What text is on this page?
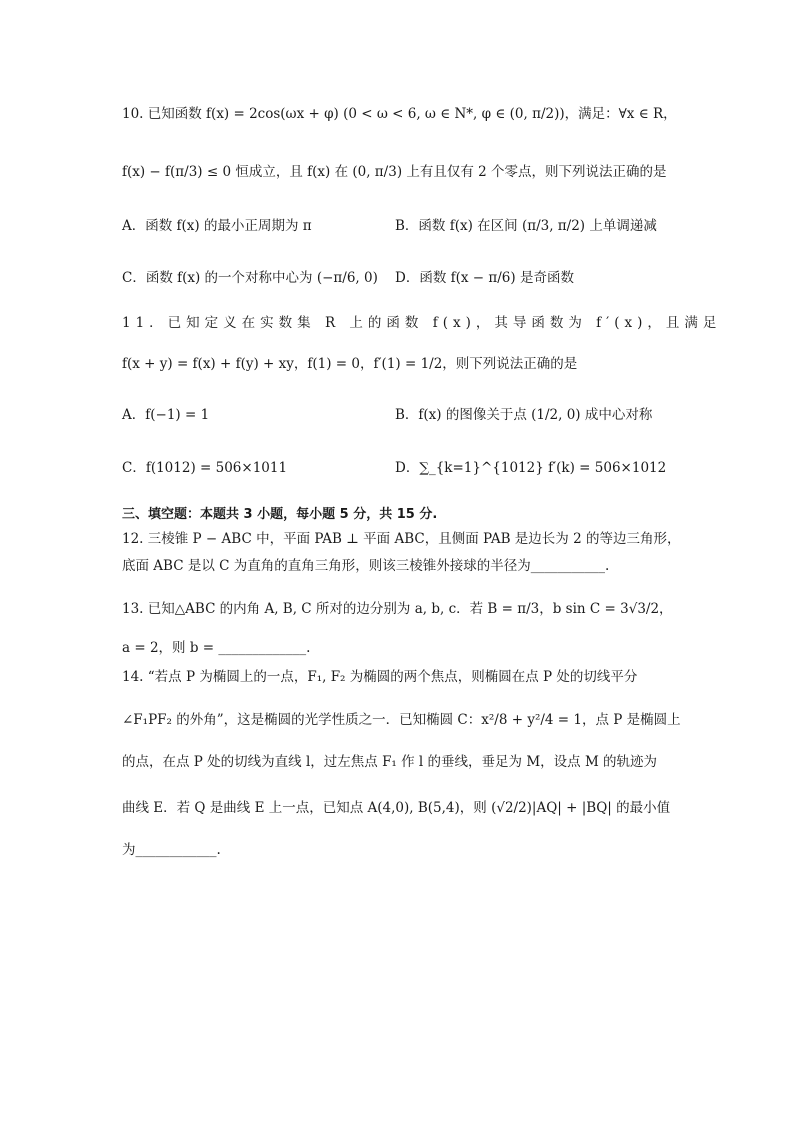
10. 已知函数 f(x) = 2cos(ωx + φ) (0 < ω < 6, ω ∈ N*, φ ∈ (0, π/2))，满足：∀x ∈ R，
f(x) − f(π/3) ≤ 0 恒成立，且 f(x) 在 (0, π/3) 上有且仅有 2 个零点，则下列说法正确的是
A．函数 f(x) 的最小正周期为 π	B．函数 f(x) 在区间 (π/3, π/2) 上单调递减
C．函数 f(x) 的一个对称中心为 (−π/6, 0) D．函数 f(x − π/6) 是奇函数
11．已知定义在实数集 R 上的函数 f(x)，其导函数为 f′(x)，且满足
f(x + y) = f(x) + f(y) + xy，f(1) = 0，f′(1) = 1/2，则下列说法正确的是
A．f(−1) = 1	B．f(x) 的图像关于点 (1/2, 0) 成中心对称
C．f(1012) = 506×1011	D．∑_{k=1}^{1012} f′(k) = 506×1012
三、填空题：本题共 3 小题，每小题 5 分，共 15 分.
12. 三棱锥 P − ABC 中，平面 PAB ⊥ 平面 ABC，且侧面 PAB 是边长为 2 的等边三角形，
底面 ABC 是以 C 为直角的直角三角形，则该三棱锥外接球的半径为___________.
13. 已知△ABC 的内角 A, B, C 所对的边分别为 a, b, c．若 B = π/3，b sin C = 3√3/2，
a = 2，则 b = _____________.
14. “若点 P 为椭圆上的一点，F₁, F₂ 为椭圆的两个焦点，则椭圆在点 P 处的切线平分
∠F₁PF₂ 的外角”，这是椭圆的光学性质之一．已知椭圆 C：x²/8 + y²/4 = 1，点 P 是椭圆上
的点，在点 P 处的切线为直线 l，过左焦点 F₁ 作 l 的垂线，垂足为 M，设点 M 的轨迹为
曲线 E．若 Q 是曲线 E 上一点，已知点 A(4,0), B(5,4)，则 (√2/2)|AQ| + |BQ| 的最小值
为____________.
